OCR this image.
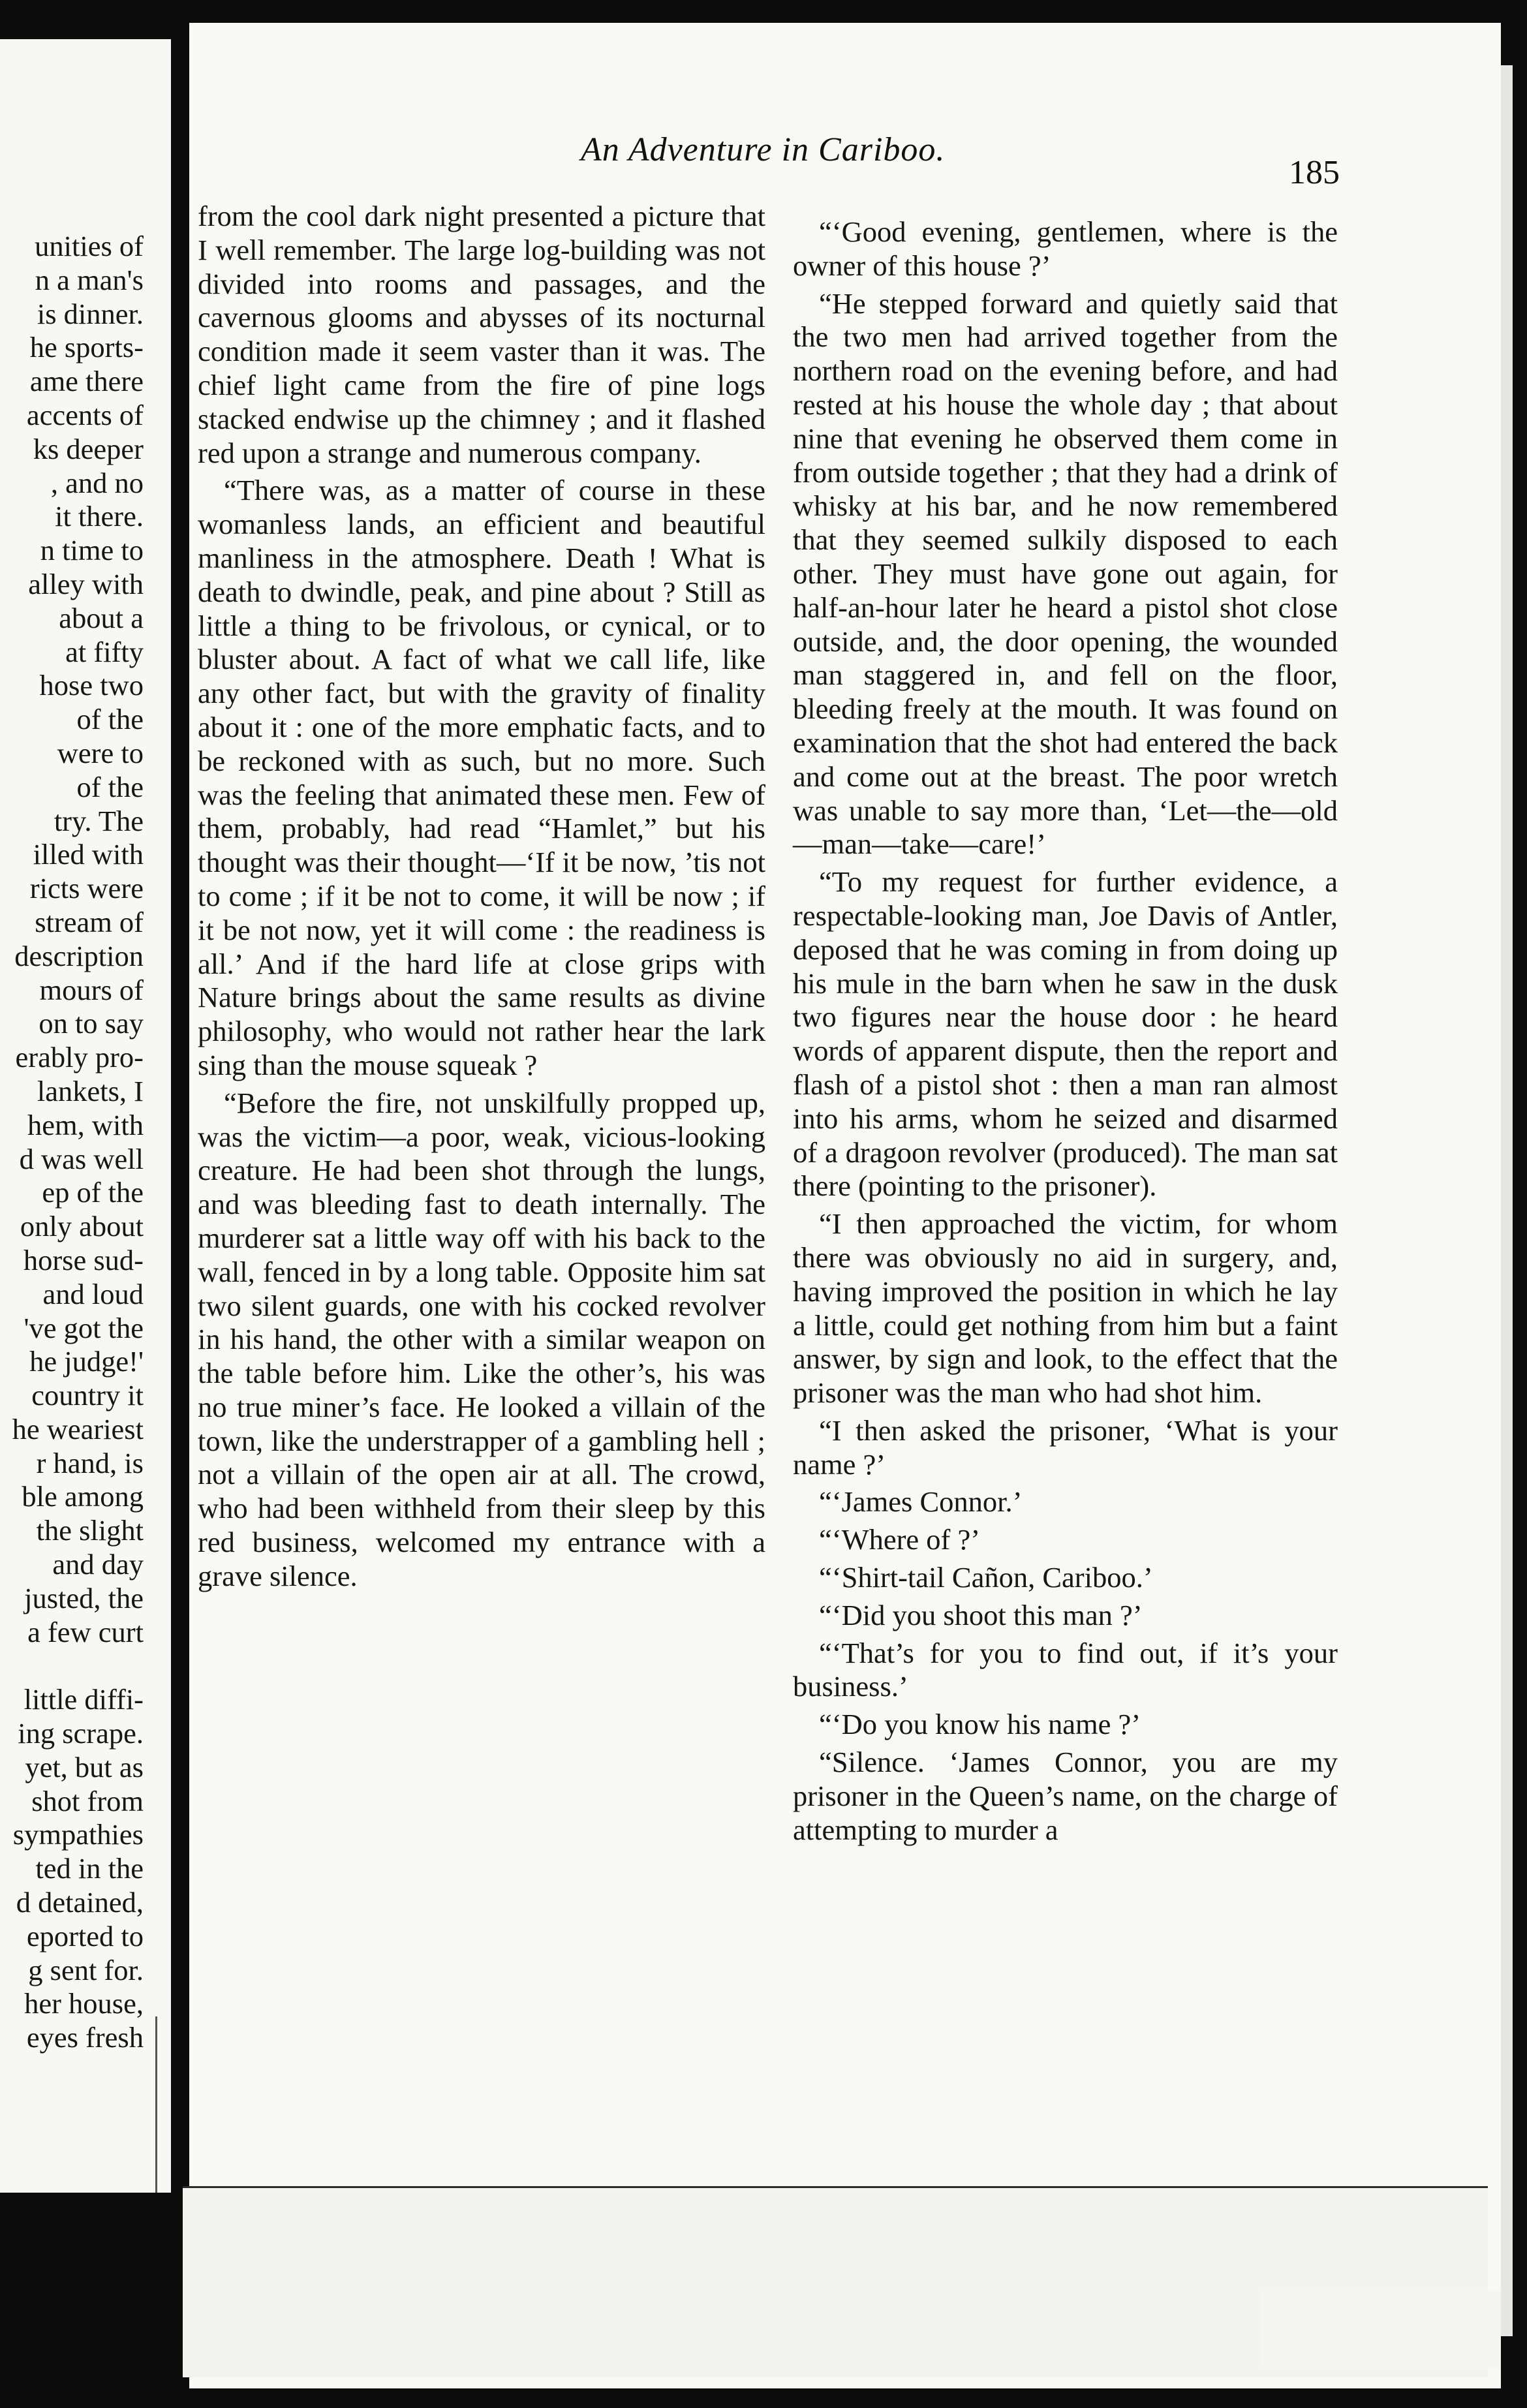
unities of
n a man's
is dinner.
he sports-
ame there
accents of
ks deeper
, and no
it there.
n time to
alley with
about a
at fifty
hose two
of the
were to
of the
try. The
illed with
ricts were
stream of
description
mours of
on to say
erably pro-
lankets, I
hem, with
d was well
ep of the
only about
horse sud-
and loud
've got the
he judge!'
country it
he weariest
r hand, is
ble among
the slight
and day
justed, the
a few curt

little diffi-
ing scrape.
yet, but as
shot from
sympathies
ted in the
d detained,
eported to
g sent for.
her house,
eyes fresh

An Adventure in Cariboo.
185

from the cool dark night presented a picture that I well remember. The large log-building was not divided into rooms and passages, and the cavernous glooms and abysses of its nocturnal condition made it seem vaster than it was. The chief light came from the fire of pine logs stacked endwise up the chimney ; and it flashed red upon a strange and numerous company.

“There was, as a matter of course in these womanless lands, an efficient and beautiful manliness in the atmosphere. Death ! What is death to dwindle, peak, and pine about ? Still as little a thing to be frivolous, or cynical, or to bluster about. A fact of what we call life, like any other fact, but with the gravity of finality about it : one of the more emphatic facts, and to be reckoned with as such, but no more. Such was the feeling that animated these men. Few of them, probably, had read “Hamlet,” but his thought was their thought—‘If it be now, ’tis not to come ; if it be not to come, it will be now ; if it be not now, yet it will come : the readiness is all.’ And if the hard life at close grips with Nature brings about the same results as divine philosophy, who would not rather hear the lark sing than the mouse squeak ?

“Before the fire, not unskilfully propped up, was the victim—a poor, weak, vicious-looking creature. He had been shot through the lungs, and was bleeding fast to death internally. The murderer sat a little way off with his back to the wall, fenced in by a long table. Opposite him sat two silent guards, one with his cocked revolver in his hand, the other with a similar weapon on the table before him. Like the other’s, his was no true miner’s face. He looked a villain of the town, like the understrapper of a gambling hell ; not a villain of the open air at all. The crowd, who had been withheld from their sleep by this red business, welcomed my entrance with a grave silence.

“‘Good evening, gentlemen, where is the owner of this house ?’

“He stepped forward and quietly said that the two men had arrived together from the northern road on the evening before, and had rested at his house the whole day ; that about nine that evening he observed them come in from outside together ; that they had a drink of whisky at his bar, and he now remembered that they seemed sulkily disposed to each other. They must have gone out again, for half-an-hour later he heard a pistol shot close outside, and, the door opening, the wounded man staggered in, and fell on the floor, bleeding freely at the mouth. It was found on examination that the shot had entered the back and come out at the breast. The poor wretch was unable to say more than, ‘Let—the—old—man—take—care!’

“To my request for further evidence, a respectable-looking man, Joe Davis of Antler, deposed that he was coming in from doing up his mule in the barn when he saw in the dusk two figures near the house door : he heard words of apparent dispute, then the report and flash of a pistol shot : then a man ran almost into his arms, whom he seized and disarmed of a dragoon revolver (produced). The man sat there (pointing to the prisoner).

“I then approached the victim, for whom there was obviously no aid in surgery, and, having improved the position in which he lay a little, could get nothing from him but a faint answer, by sign and look, to the effect that the prisoner was the man who had shot him.

“I then asked the prisoner, ‘What is your name ?’

“‘James Connor.’

“‘Where of ?’

“‘Shirt-tail Cañon, Cariboo.’

“‘Did you shoot this man ?’

“‘That’s for you to find out, if it’s your business.’

“‘Do you know his name ?’

“Silence. ‘James Connor, you are my prisoner in the Queen’s name, on the charge of attempting to murder a
